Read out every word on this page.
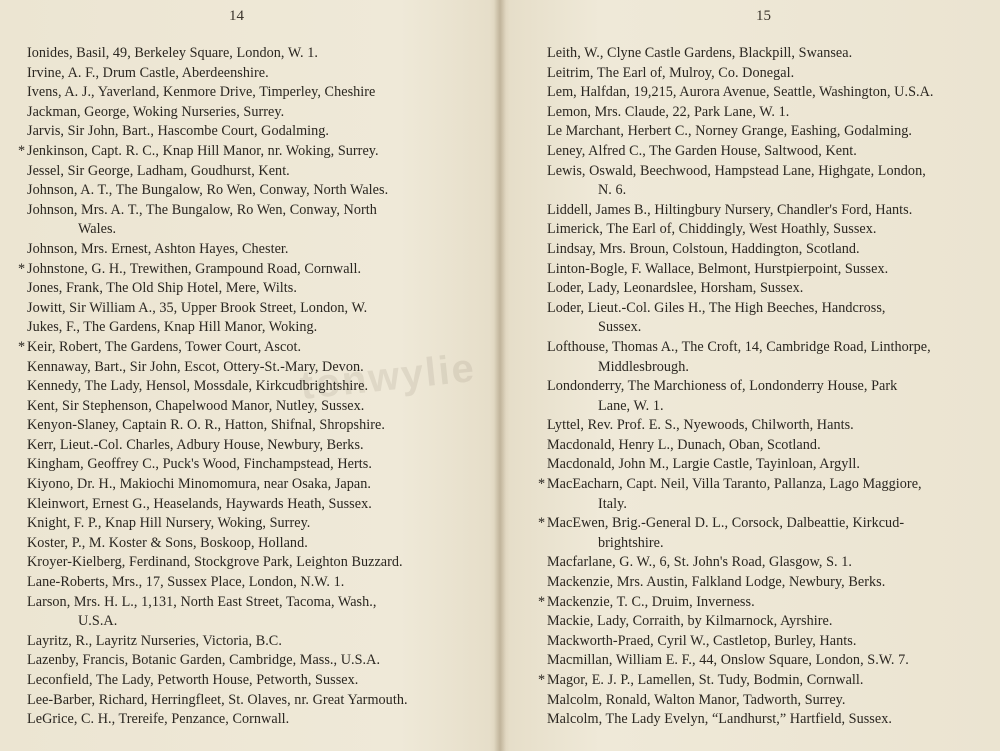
tonwylie
14
Ionides, Basil, 49, Berkeley Square, London, W. 1.
Irvine, A. F., Drum Castle, Aberdeenshire.
Ivens, A. J., Yaverland, Kenmore Drive, Timperley, Cheshire
Jackman, George, Woking Nurseries, Surrey.
Jarvis, Sir John, Bart., Hascombe Court, Godalming.
* Jenkinson, Capt. R. C., Knap Hill Manor, nr. Woking, Surrey.
Jessel, Sir George, Ladham, Goudhurst, Kent.
Johnson, A. T., The Bungalow, Ro Wen, Conway, North Wales.
Johnson, Mrs. A. T., The Bungalow, Ro Wen, Conway, North
Wales.
Johnson, Mrs. Ernest, Ashton Hayes, Chester.
* Johnstone, G. H., Trewithen, Grampound Road, Cornwall.
Jones, Frank, The Old Ship Hotel, Mere, Wilts.
Jowitt, Sir William A., 35, Upper Brook Street, London, W.
Jukes, F., The Gardens, Knap Hill Manor, Woking.
* Keir, Robert, The Gardens, Tower Court, Ascot.
Kennaway, Bart., Sir John, Escot, Ottery-St.-Mary, Devon.
Kennedy, The Lady, Hensol, Mossdale, Kirkcudbrightshire.
Kent, Sir Stephenson, Chapelwood Manor, Nutley, Sussex.
Kenyon-Slaney, Captain R. O. R., Hatton, Shifnal, Shropshire.
Kerr, Lieut.-Col. Charles, Adbury House, Newbury, Berks.
Kingham, Geoffrey C., Puck's Wood, Finchampstead, Herts.
Kiyono, Dr. H., Makiochi Minomomura, near Osaka, Japan.
Kleinwort, Ernest G., Heaselands, Haywards Heath, Sussex.
Knight, F. P., Knap Hill Nursery, Woking, Surrey.
Koster, P., M. Koster & Sons, Boskoop, Holland.
Kroyer-Kielberg, Ferdinand, Stockgrove Park, Leighton Buzzard.
Lane-Roberts, Mrs., 17, Sussex Place, London, N.W. 1.
Larson, Mrs. H. L., 1,131, North East Street, Tacoma, Wash.,
U.S.A.
Layritz, R., Layritz Nurseries, Victoria, B.C.
Lazenby, Francis, Botanic Garden, Cambridge, Mass., U.S.A.
Leconfield, The Lady, Petworth House, Petworth, Sussex.
Lee-Barber, Richard, Herringfleet, St. Olaves, nr. Great Yarmouth.
LeGrice, C. H., Trereife, Penzance, Cornwall.
15
Leith, W., Clyne Castle Gardens, Blackpill, Swansea.
Leitrim, The Earl of, Mulroy, Co. Donegal.
Lem, Halfdan, 19,215, Aurora Avenue, Seattle, Washington, U.S.A.
Lemon, Mrs. Claude, 22, Park Lane, W. 1.
Le Marchant, Herbert C., Norney Grange, Eashing, Godalming.
Leney, Alfred C., The Garden House, Saltwood, Kent.
Lewis, Oswald, Beechwood, Hampstead Lane, Highgate, London,
N. 6.
Liddell, James B., Hiltingbury Nursery, Chandler's Ford, Hants.
Limerick, The Earl of, Chiddingly, West Hoathly, Sussex.
Lindsay, Mrs. Broun, Colstoun, Haddington, Scotland.
Linton-Bogle, F. Wallace, Belmont, Hurstpierpoint, Sussex.
Loder, Lady, Leonardslee, Horsham, Sussex.
Loder, Lieut.-Col. Giles H., The High Beeches, Handcross,
Sussex.
Lofthouse, Thomas A., The Croft, 14, Cambridge Road, Linthorpe,
Middlesbrough.
Londonderry, The Marchioness of, Londonderry House, Park
Lane, W. 1.
Lyttel, Rev. Prof. E. S., Nyewoods, Chilworth, Hants.
Macdonald, Henry L., Dunach, Oban, Scotland.
Macdonald, John M., Largie Castle, Tayinloan, Argyll.
* MacEacharn, Capt. Neil, Villa Taranto, Pallanza, Lago Maggiore,
Italy.
* MacEwen, Brig.-General D. L., Corsock, Dalbeattie, Kirkcud-
brightshire.
Macfarlane, G. W., 6, St. John's Road, Glasgow, S. 1.
Mackenzie, Mrs. Austin, Falkland Lodge, Newbury, Berks.
* Mackenzie, T. C., Druim, Inverness.
Mackie, Lady, Corraith, by Kilmarnock, Ayrshire.
Mackworth-Praed, Cyril W., Castletop, Burley, Hants.
Macmillan, William E. F., 44, Onslow Square, London, S.W. 7.
* Magor, E. J. P., Lamellen, St. Tudy, Bodmin, Cornwall.
Malcolm, Ronald, Walton Manor, Tadworth, Surrey.
Malcolm, The Lady Evelyn, “Landhurst,” Hartfield, Sussex.
